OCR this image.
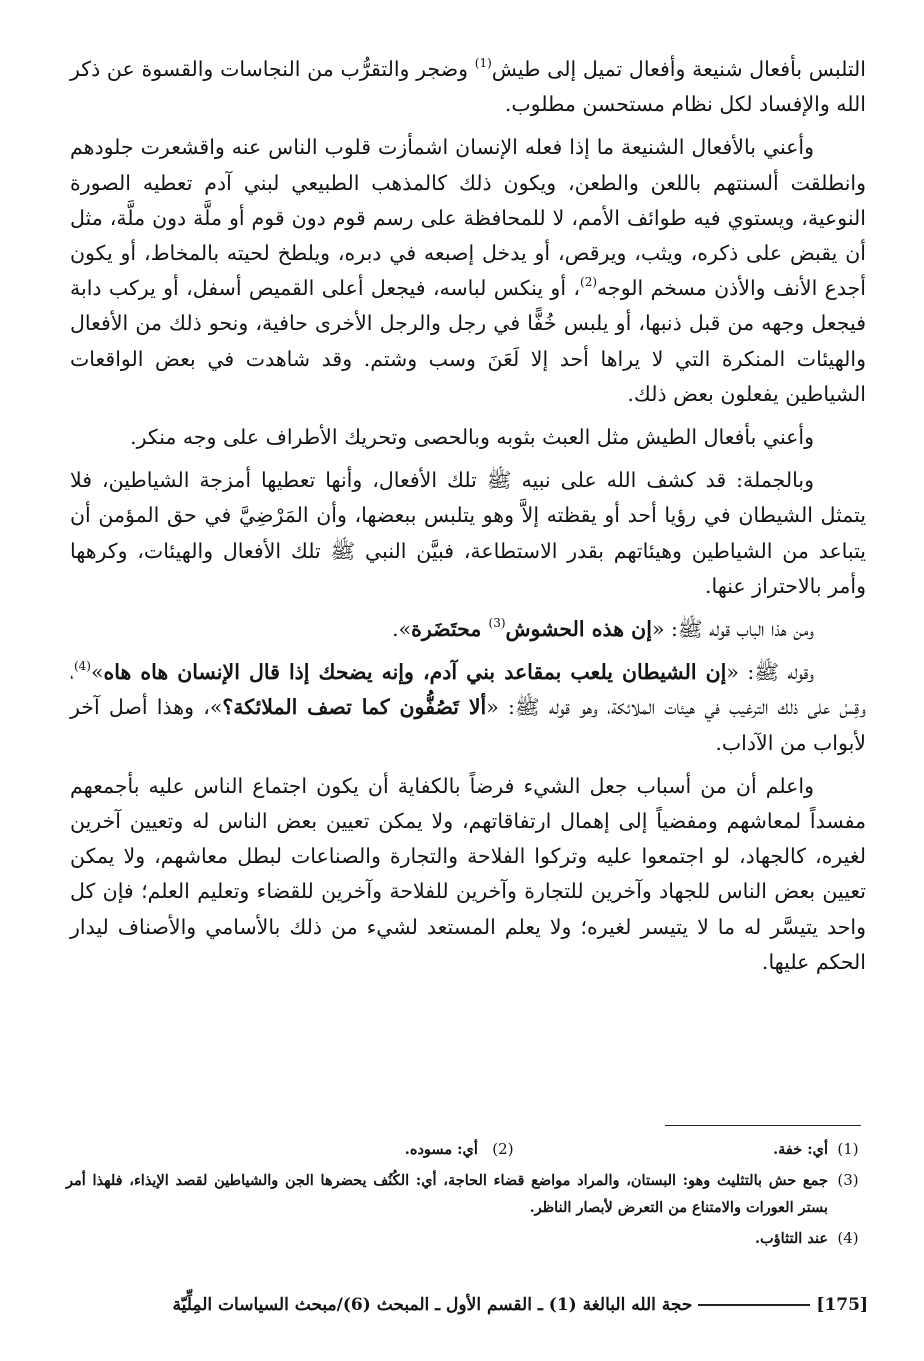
التلبس بأفعال شنيعة وأفعال تميل إلى طيش$^{(1)}$ وضجر والتقرُّب من النجاسات والقسوة عن ذكر الله والإفساد لكل نظام مستحسن مطلوب.

وأعني بالأفعال الشنيعة ما إذا فعله الإنسان اشمأزت قلوب الناس عنه واقشعرت جلودهم وانطلقت ألسنتهم باللعن والطعن، ويكون ذلك كالمذهب الطبيعي لبني آدم تعطيه الصورة النوعية، ويستوي فيه طوائف الأمم، لا للمحافظة على رسم قوم دون قوم أو ملَّة دون ملَّة، مثل أن يقبض على ذكره، ويثب، ويرقص، أو يدخل إصبعه في دبره، ويلطخ لحيته بالمخاط، أو يكون أجدع الأنف والأذن مسخم الوجه$^{(2)}$، أو ينكس لباسه، فيجعل أعلى القميص أسفل، أو يركب دابة فيجعل وجهه من قبل ذنبها، أو يلبس خُفًّا في رجل والرجل الأخرى حافية، ونحو ذلك من الأفعال والهيئات المنكرة التي لا يراها أحد إلا لَعَنَ وسب وشتم. وقد شاهدت في بعض الواقعات الشياطين يفعلون بعض ذلك.

وأعني بأفعال الطيش مثل العبث بثوبه وبالحصى وتحريك الأطراف على وجه منكر.

وبالجملة: قد كشف الله على نبيه ﷺ تلك الأفعال، وأنها تعطيها أمزجة الشياطين، فلا يتمثل الشيطان في رؤيا أحد أو يقظته إلاَّ وهو يتلبس ببعضها، وأن المَرْضِيَّ في حق المؤمن أن يتباعد من الشياطين وهيئاتهم بقدر الاستطاعة، فبيَّن النبي ﷺ تلك الأفعال والهيئات، وكرهها وأمر بالاحتراز عنها.

ومن هذا الباب قوله ﷺ: «إن هذه الحشوش$^{(3)}$ محتَضَرة».

وقوله ﷺ: «إن الشيطان يلعب بمقاعد بني آدم، وإنه يضحك إذا قال الإنسان هاه هاه»$^{(4)}$، وقِسْ على ذلك الترغيب في هيئات الملائكة، وهو قوله ﷺ: «ألا تَصُفُّون كما تصف الملائكة؟»، وهذا أصل آخر لأبواب من الآداب.

واعلم أن من أسباب جعل الشيء فرضاً بالكفاية أن يكون اجتماع الناس عليه بأجمعهم مفسداً لمعاشهم ومفضياً إلى إهمال ارتفاقاتهم، ولا يمكن تعيين بعض الناس له وتعيين آخرين لغيره، كالجهاد، لو اجتمعوا عليه وتركوا الفلاحة والتجارة والصناعات لبطل معاشهم، ولا يمكن تعيين بعض الناس للجهاد وآخرين للتجارة وآخرين للفلاحة وآخرين للقضاء وتعليم العلم؛ فإن كل واحد يتيسَّر له ما لا يتيسر لغيره؛ ولا يعلم المستعد لشيء من ذلك بالأسامي والأصناف ليدار الحكم عليها.

(1)
أي: خفة. (2) أي: مسوده.
(3)
جمع حش بالتثليث وهو: البستان، والمراد مواضع قضاء الحاجة، أي: الكُنُف يحضرها الجن والشياطين لقصد الإيذاء، فلهذا أمر بستر العورات والامتناع من التعرض لأبصار الناظر.
(4)
عند التثاؤب.
[175]
حجة الله البالغة (1) ـ القسم الأول ـ المبحث (6)/مبحث السياسات المِلِّيّة
